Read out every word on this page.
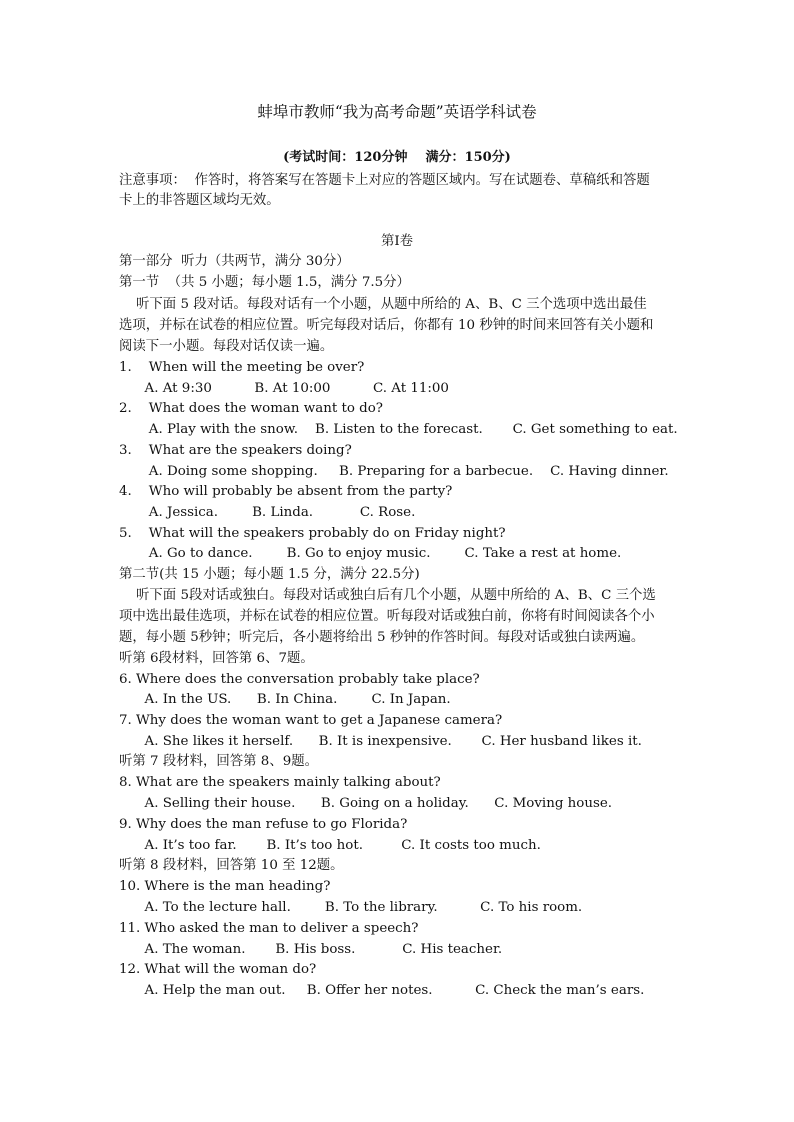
蚌埠市教师“我为高考命题”英语学科试卷
(考试时间：120分钟    满分：150分)
注意事项：  作答时，将答案写在答题卡上对应的答题区域内。写在试题卷、草稿纸和答题
卡上的非答题区域均无效。
第I卷
第一部分  听力（共两节，满分 30分）
第一节  （共 5 小题；每小题 1.5，满分 7.5分）
听下面 5 段对话。每段对话有一个小题，从题中所给的 A、B、C 三个选项中选出最佳
选项，并标在试卷的相应位置。听完每段对话后，你都有 10 秒钟的时间来回答有关小题和
阅读下一小题。每段对话仅读一遍。
1.    When will the meeting be over?
A. At 9:30          B. At 10:00          C. At 11:00
2.    What does the woman want to do?
A. Play with the snow.    B. Listen to the forecast.       C. Get something to eat.
3.    What are the speakers doing?
A. Doing some shopping.     B. Preparing for a barbecue.    C. Having dinner.
4.    Who will probably be absent from the party?
A. Jessica.        B. Linda.           C. Rose.
5.    What will the speakers probably do on Friday night?
A. Go to dance.        B. Go to enjoy music.        C. Take a rest at home.
第二节(共 15 小题；每小题 1.5 分，满分 22.5分)
听下面 5段对话或独白。每段对话或独白后有几个小题，从题中所给的 A、B、C 三个选
项中选出最佳选项，并标在试卷的相应位置。听每段对话或独白前，你将有时间阅读各个小
题，每小题 5秒钟；听完后，各小题将给出 5 秒钟的作答时间。每段对话或独白读两遍。
听第 6段材料，回答第 6、7题。
6. Where does the conversation probably take place?
A. In the US.      B. In China.        C. In Japan.
7. Why does the woman want to get a Japanese camera?
A. She likes it herself.      B. It is inexpensive.       C. Her husband likes it.
听第 7 段材料，回答第 8、9题。
8. What are the speakers mainly talking about?
A. Selling their house.      B. Going on a holiday.      C. Moving house.
9. Why does the man refuse to go Florida?
A. It’s too far.       B. It’s too hot.         C. It costs too much.
听第 8 段材料，回答第 10 至 12题。
10. Where is the man heading?
A. To the lecture hall.        B. To the library.          C. To his room.
11. Who asked the man to deliver a speech?
A. The woman.       B. His boss.           C. His teacher.
12. What will the woman do?
A. Help the man out.     B. Offer her notes.          C. Check the man’s ears.
